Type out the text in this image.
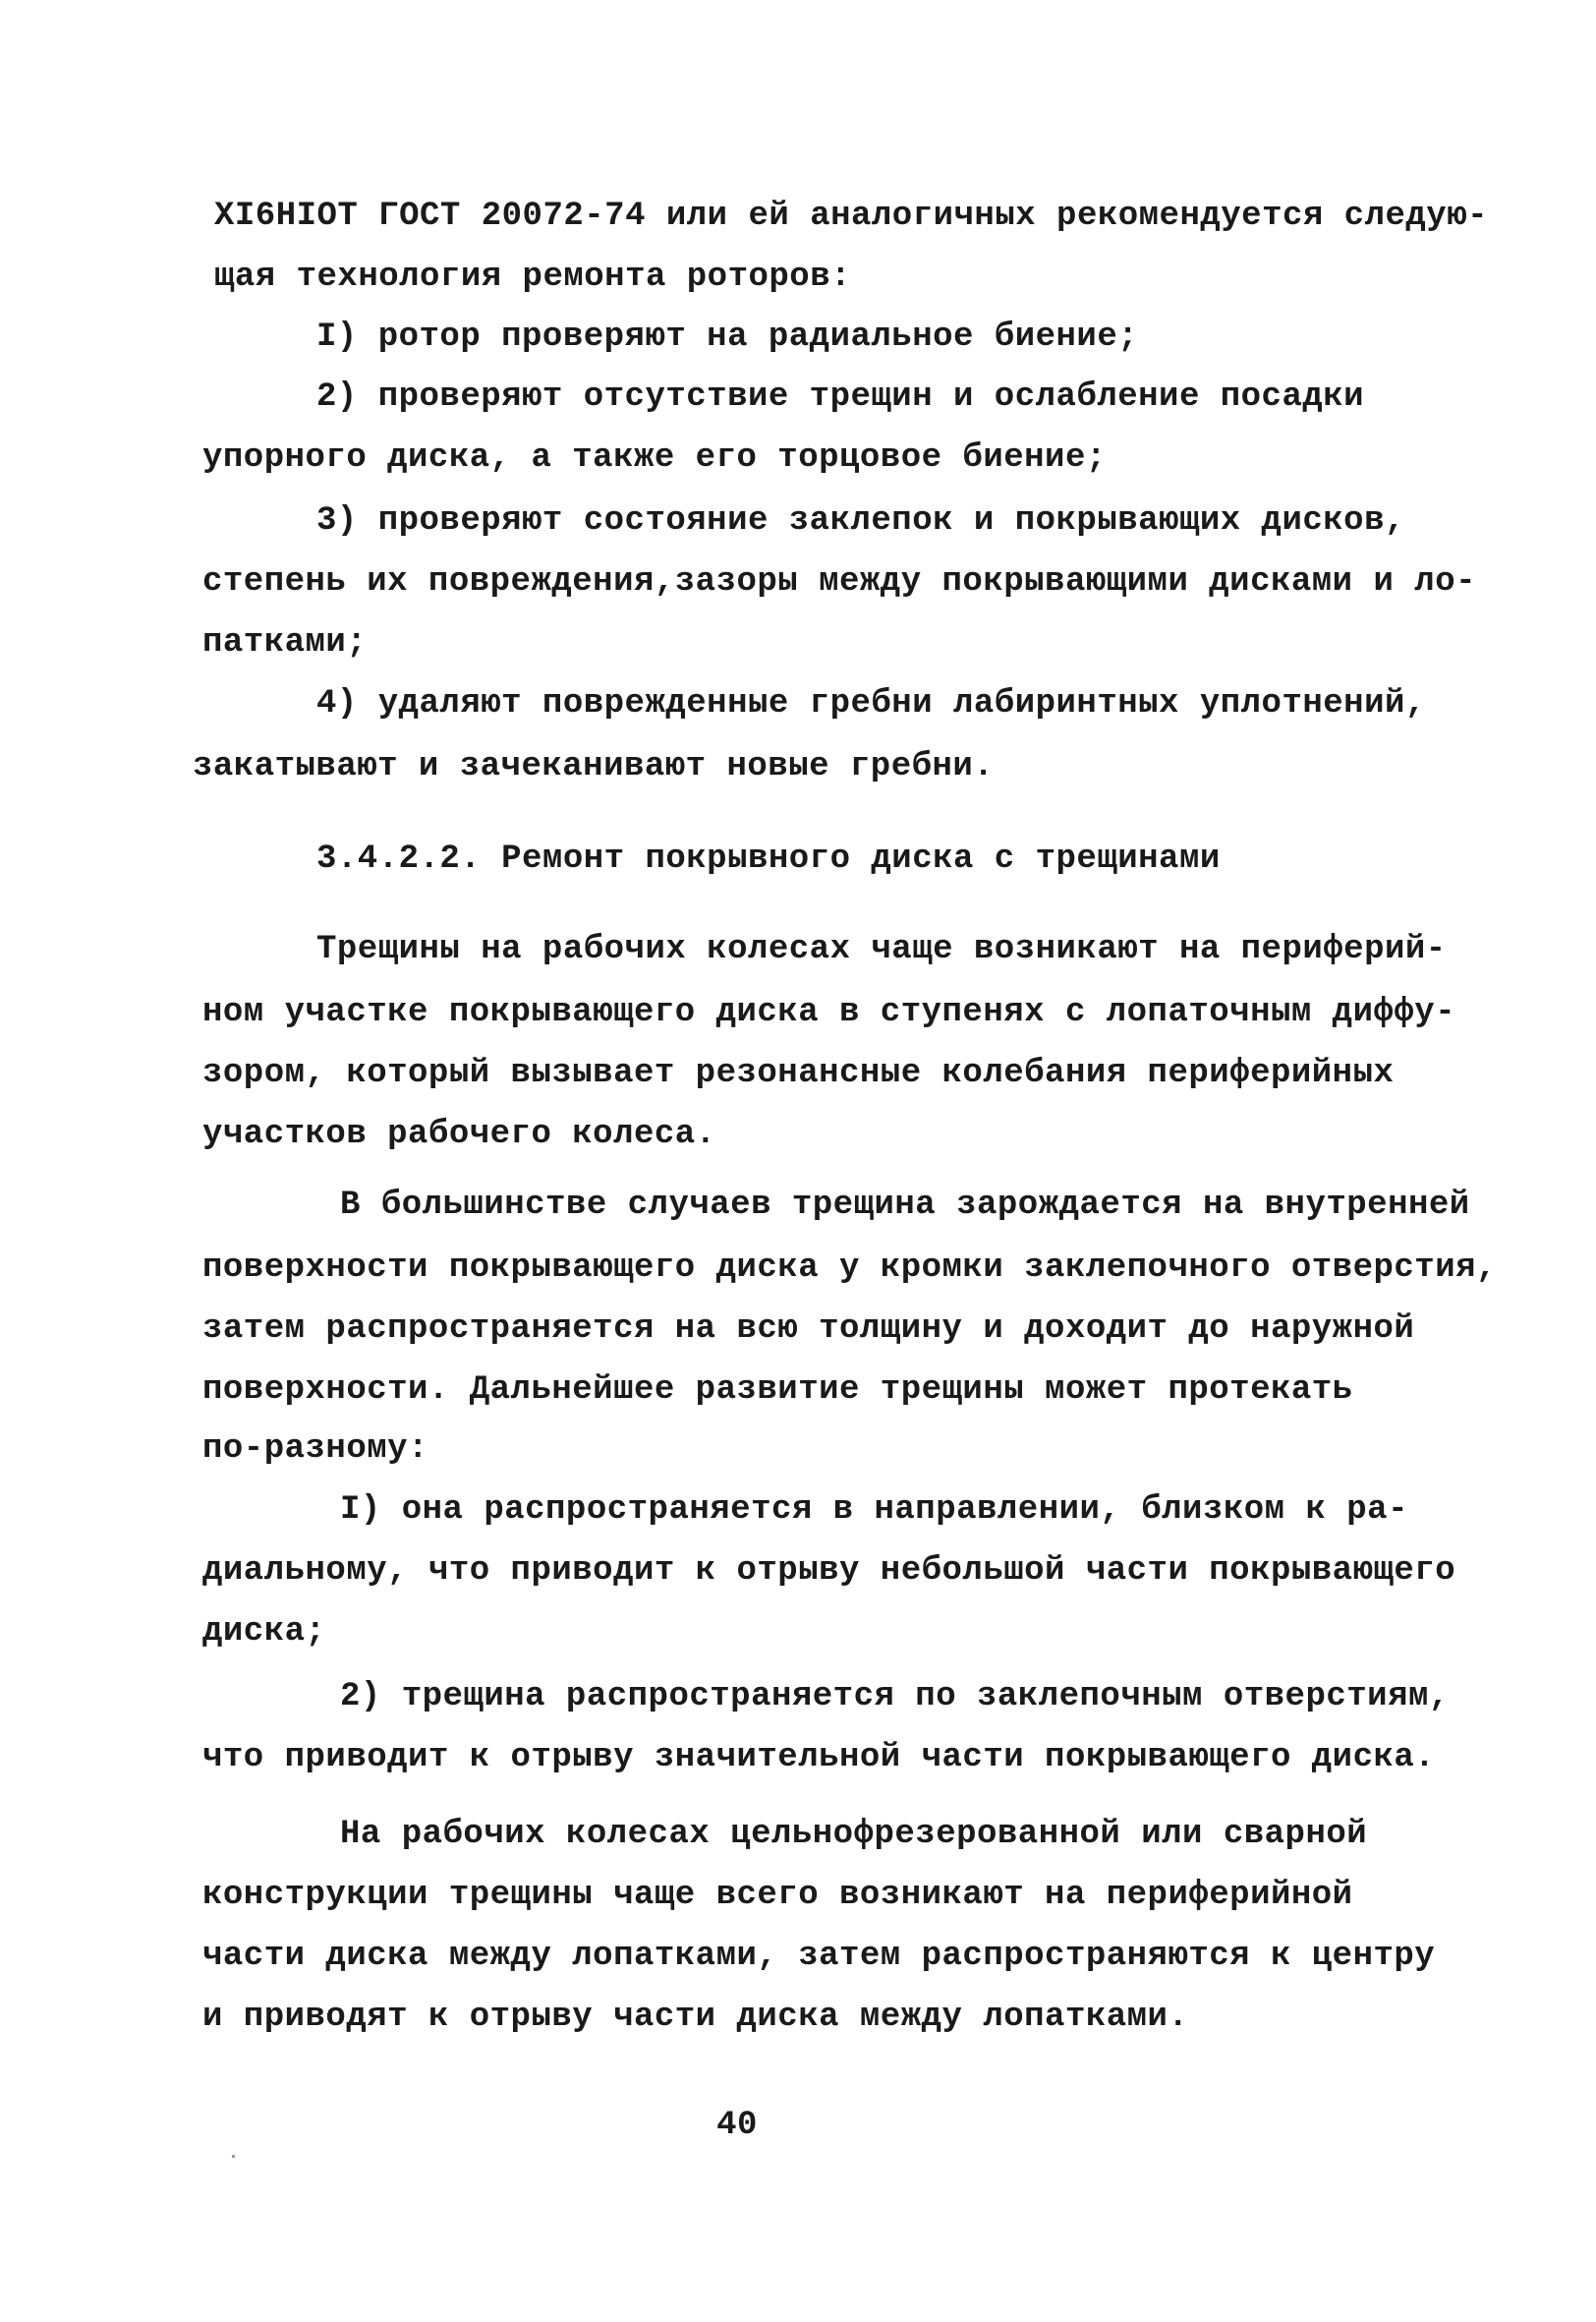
XI6HIOT ГОСТ 20072-74 или ей аналогичных рекомендуется следую-
щая технология ремонта роторов:
I) ротор проверяют на радиальное биение;
2) проверяют отсутствие трещин и ослабление посадки
упорного диска, а также его торцовое биение;
3) проверяют состояние заклепок и покрывающих дисков,
степень их повреждения,зазоры между покрывающими дисками и ло-
патками;
4) удаляют поврежденные гребни лабиринтных уплотнений,
закатывают и зачеканивают новые гребни.
3.4.2.2. Ремонт покрывного диска с трещинами
Трещины на рабочих колесах чаще возникают на периферий-
ном участке покрывающего диска в ступенях с лопаточным диффу-
зором, который вызывает резонансные колебания периферийных
участков рабочего колеса.
В большинстве случаев трещина зарождается на внутренней
поверхности покрывающего диска у кромки заклепочного отверстия,
затем распространяется на всю толщину и доходит до наружной
поверхности. Дальнейшее развитие трещины может протекать
по-разному:
I) она распространяется в направлении, близком к ра-
диальному, что приводит к отрыву небольшой части покрывающего
диска;
2) трещина распространяется по заклепочным отверстиям,
что приводит к отрыву значительной части покрывающего диска.
На рабочих колесах цельнофрезерованной или сварной
конструкции трещины чаще всего возникают на периферийной
части диска между лопатками, затем распространяются к центру
и приводят к отрыву части диска между лопатками.
40
